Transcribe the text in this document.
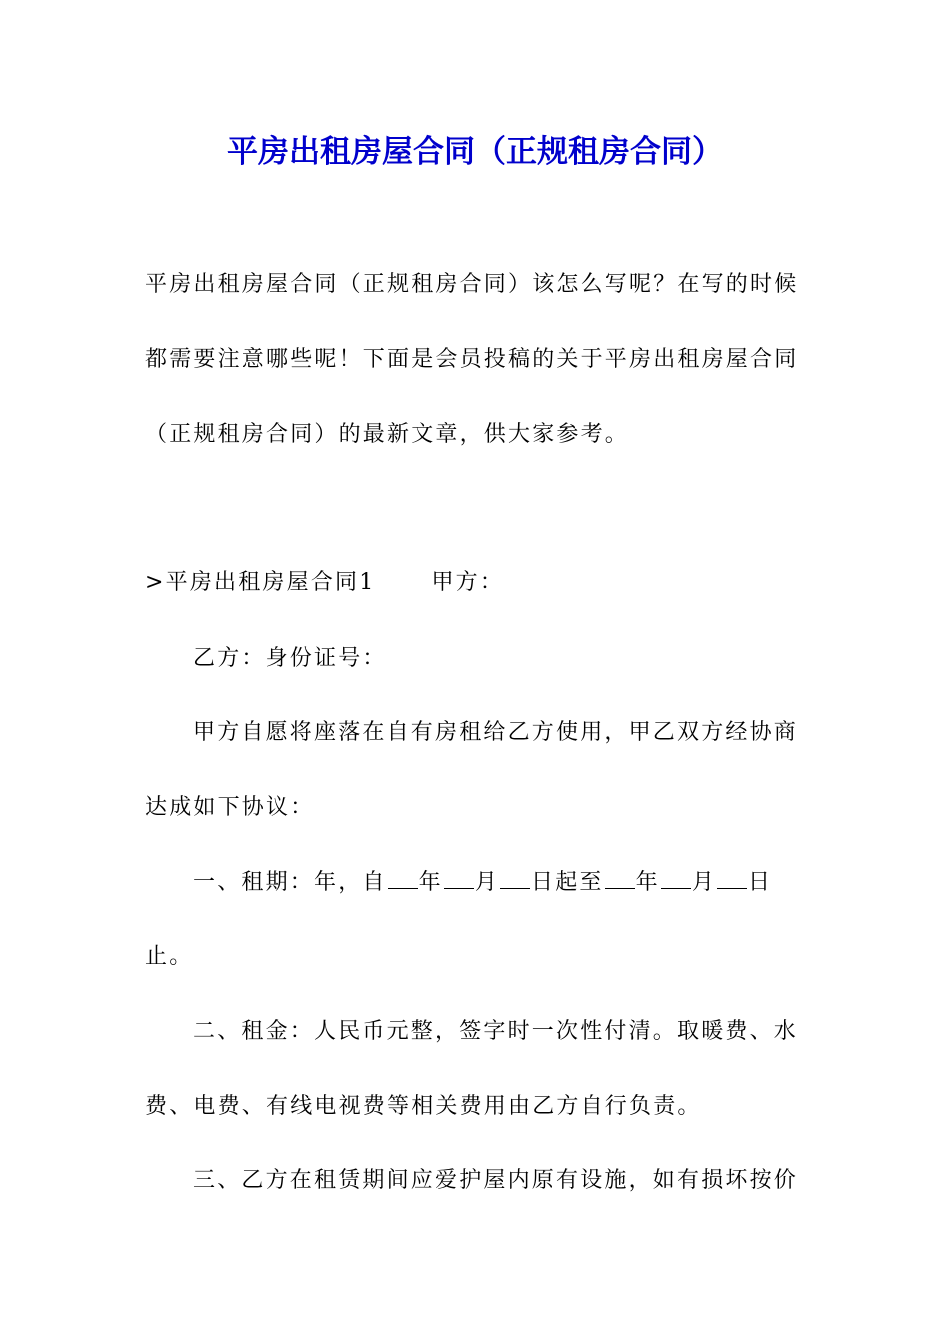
平房出租房屋合同（正规租房合同）
平房出租房屋合同（正规租房合同）该怎么写呢？在写的时候
都需要注意哪些呢！下面是会员投稿的关于平房出租房屋合同
（正规租房合同）的最新文章，供大家参考。
>平房出租房屋合同1	甲方：
乙方：身份证号：
甲方自愿将座落在自有房租给乙方使用，甲乙双方经协商
达成如下协议：
一、租期：年，自 年 月 日起至 年 月 日
止。
二、租金：人民币元整，签字时一次性付清。取暖费、水
费、电费、有线电视费等相关费用由乙方自行负责。
三、乙方在租赁期间应爱护屋内原有设施，如有损坏按价
